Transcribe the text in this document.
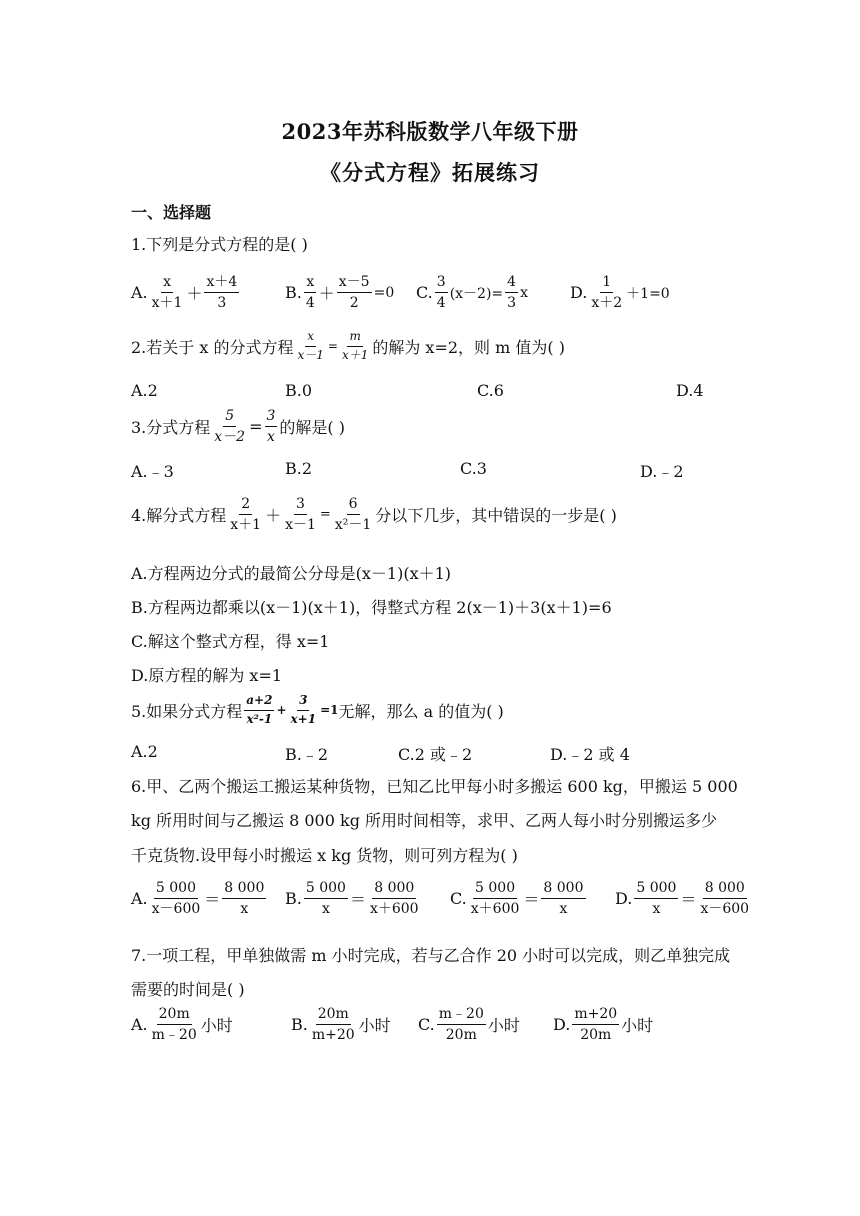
2023年苏科版数学八年级下册
《分式方程》拓展练习
一、选择题
1.下列是分式方程的是( )
A. $\frac{x}{x+1} + \frac{x+4}{3}$	B. $\frac{x}{4} + \frac{x-5}{2} =0$ C. $\frac{3}{4} (x-2)= \frac{4}{3}$ x	D. $\frac{1}{x+2} +1=0$
2.若关于 x 的分式方程 $\frac{x}{x-1} = \frac{m}{x+1}$ 的解为 x=2，则 m 值为( )
A.2	B.0	C.6	D.4
3.分式方程 $\frac{5}{x-2} = \frac{3}{x}$ 的解是( )
A.﹣3	B.2	C.3	D.﹣2
4.解分式方程 $\frac{2}{x+1} + \frac{3}{x-1} = \frac{6}{\text{x²－1}}$ 分以下几步，其中错误的一步是( )
A.方程两边分式的最简公分母是(x－1)(x＋1)
B.方程两边都乘以(x－1)(x＋1)，得整式方程 2(x－1)＋3(x＋1)=6
C.解这个整式方程，得 x=1
D.原方程的解为 x=1
5.如果分式方程 $\frac{a+2}{\text{x²-1}} + \frac{3}{x+1} =1$ 无解，那么 a 的值为( )
A.2	B.﹣2	C.2 或﹣2	D.﹣2 或 4
6.甲、乙两个搬运工搬运某种货物，已知乙比甲每小时多搬运 600 kg，甲搬运 5 000
kg 所用时间与乙搬运 8 000 kg 所用时间相等，求甲、乙两人每小时分别搬运多少
千克货物.设甲每小时搬运 x kg 货物，则可列方程为( )
A. $\frac{5 000}{x-600} = \frac{8 000}{x} B$. $\frac{5 000}{x} = \frac{8 000}{x+600} C$. $\frac{5 000}{x+600} = \frac{8 000}{x} D$. $\frac{5 000}{x} = \frac{8 000}{x-600}$
7.一项工程，甲单独做需 m 小时完成，若与乙合作 20 小时可以完成，则乙单独完成
需要的时间是( )
A. $\frac{20m}{m﹣20}$ 小时	B. $\frac{20m}{m+20}$ 小时 C. $\frac{m﹣20}{20m}$ 小时 D. $\frac{m+20}{20m}$ 小时
